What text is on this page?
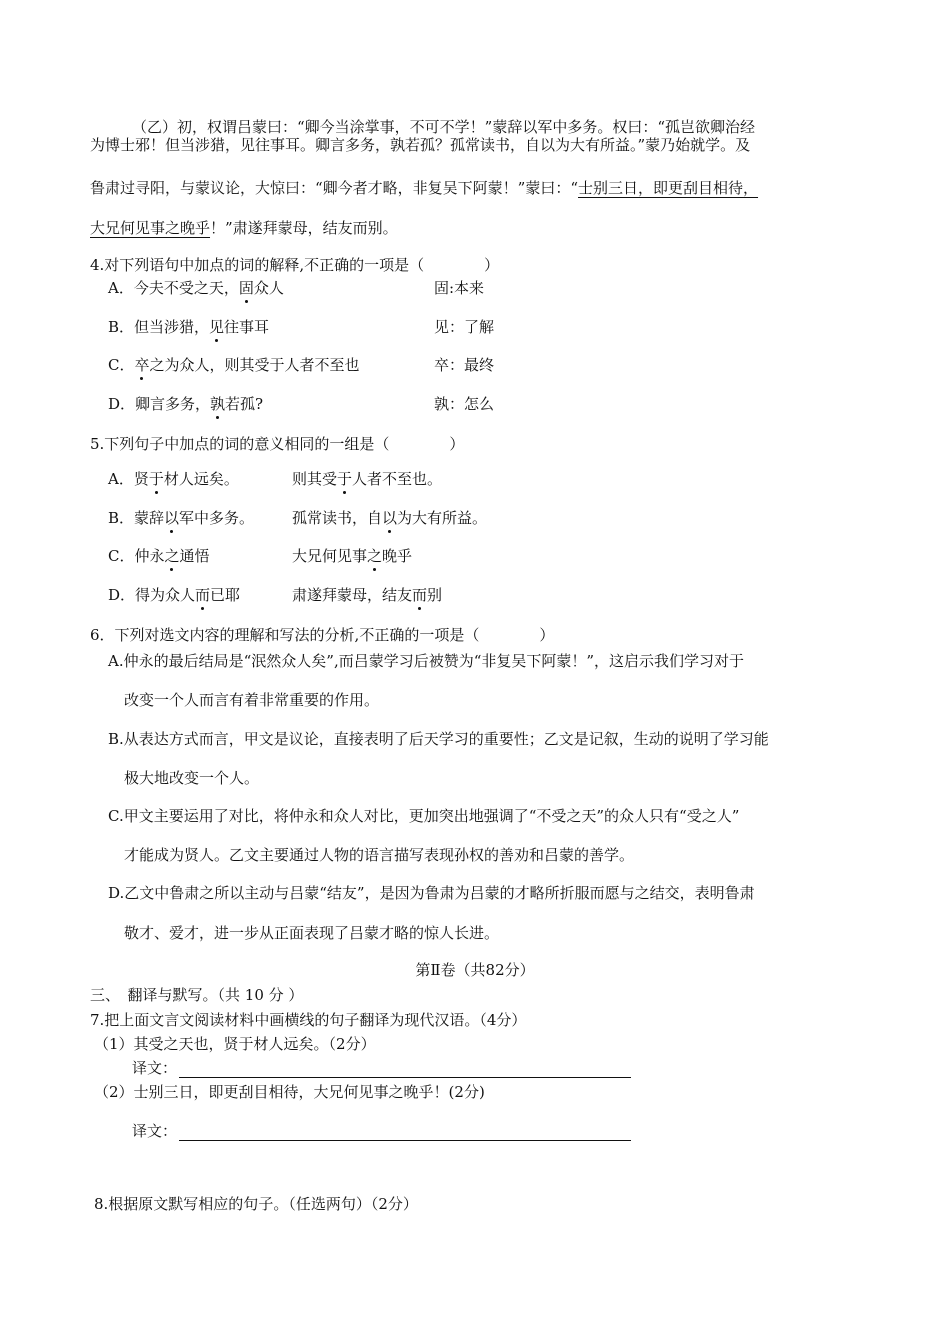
（乙）初，权谓吕蒙曰：“卿今当涂掌事，不可不学！”蒙辞以军中多务。权曰：“孤岂欲卿治经
为博士邪！但当涉猎，见往事耳。卿言多务，孰若孤？孤常读书，自以为大有所益。”蒙乃始就学。及
鲁肃过寻阳，与蒙议论，大惊曰：“卿今者才略，非复吴下阿蒙！”蒙曰：“士别三日，即更刮目相待，
大兄何见事之晚乎！”肃遂拜蒙母，结友而别。
4.对下列语句中加点的词的解释,不正确的一项是（　　　　）
A．今夫不受之天，固众人	固:本来
B．但当涉猎，见往事耳	见：了解
C．卒之为众人，则其受于人者不至也	卒：最终
D．卿言多务，孰若孤?	孰：怎么
5.下列句子中加点的词的意义相同的一组是（　　　　）
A．贤于材人远矣。	则其受于人者不至也。
B．蒙辞以军中多务。	孤常读书，自以为大有所益。
C．仲永之通悟	大兄何见事之晚乎
D．得为众人而已耶	肃遂拜蒙母，结友而别
6．下列对选文内容的理解和写法的分析,不正确的一项是（　　　　）
A.仲永的最后结局是“泯然众人矣”,而吕蒙学习后被赞为“非复吴下阿蒙！”，这启示我们学习对于
改变一个人而言有着非常重要的作用。
B.从表达方式而言，甲文是议论，直接表明了后天学习的重要性；乙文是记叙，生动的说明了学习能
极大地改变一个人。
C.甲文主要运用了对比，将仲永和众人对比，更加突出地强调了“不受之天”的众人只有“受之人”
才能成为贤人。乙文主要通过人物的语言描写表现孙权的善劝和吕蒙的善学。
D.乙文中鲁肃之所以主动与吕蒙“结友”，是因为鲁肃为吕蒙的才略所折服而愿与之结交，表明鲁肃
敬才、爱才，进一步从正面表现了吕蒙才略的惊人长进。
第Ⅱ卷（共82分）
三、　翻译与默写。（共 10 分 ）
7.把上面文言文阅读材料中画横线的句子翻译为现代汉语。（4分）
（1）其受之天也，贤于材人远矣。（2分）
译文：
（2）士别三日，即更刮目相待，大兄何见事之晚乎！(2分)
译文：
8.根据原文默写相应的句子。（任选两句）（2分）
